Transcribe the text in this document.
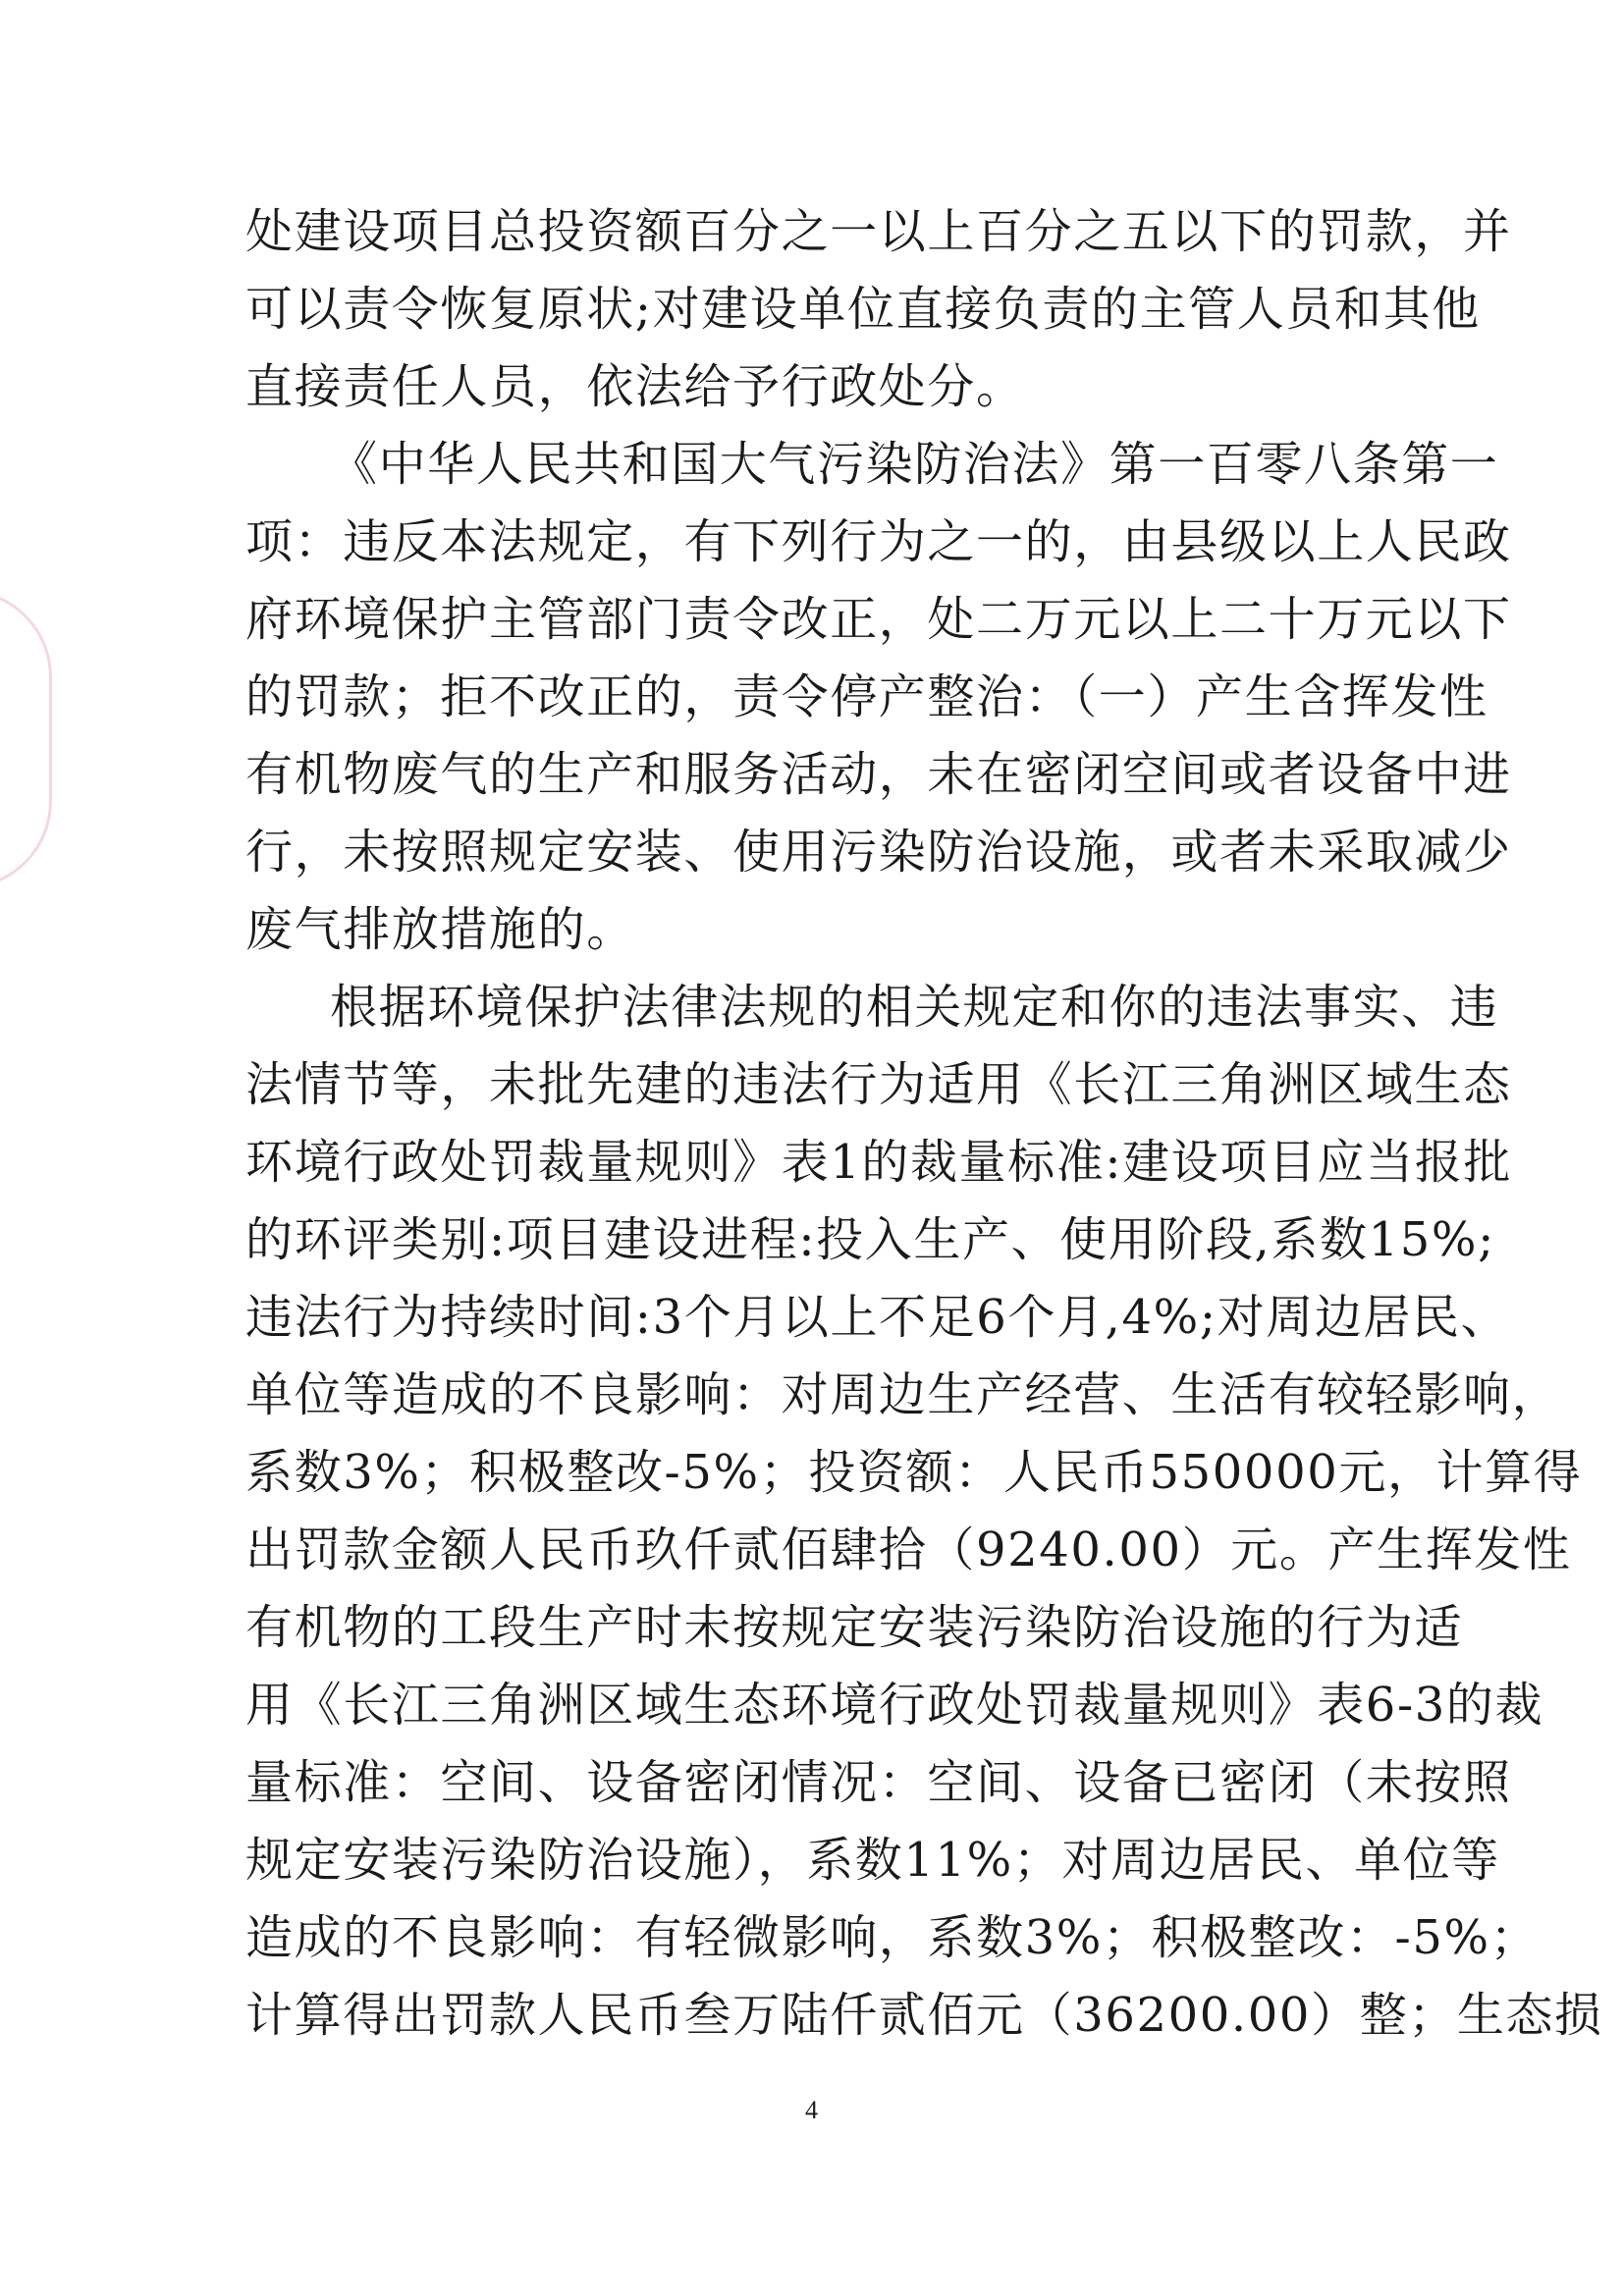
处建设项目总投资额百分之一以上百分之五以下的罚款，并
可以责令恢复原状;对建设单位直接负责的主管人员和其他
直接责任人员，依法给予行政处分。
《中华人民共和国大气污染防治法》第一百零八条第一
项：违反本法规定，有下列行为之一的，由县级以上人民政
府环境保护主管部门责令改正，处二万元以上二十万元以下
的罚款；拒不改正的，责令停产整治：（一）产生含挥发性
有机物废气的生产和服务活动，未在密闭空间或者设备中进
行，未按照规定安装、使用污染防治设施，或者未采取减少
废气排放措施的。
根据环境保护法律法规的相关规定和你的违法事实、违
法情节等，未批先建的违法行为适用《长江三角洲区域生态
环境行政处罚裁量规则》表1的裁量标准:建设项目应当报批
的环评类别:项目建设进程:投入生产、使用阶段,系数15%;
违法行为持续时间:3个月以上不足6个月,4%;对周边居民、
单位等造成的不良影响：对周边生产经营、生活有较轻影响，
系数3%；积极整改-5%；投资额：人民币550000元，计算得
出罚款金额人民币玖仟贰佰肆拾（9240.00）元。产生挥发性
有机物的工段生产时未按规定安装污染防治设施的行为适
用《长江三角洲区域生态环境行政处罚裁量规则》表6-3的裁
量标准：空间、设备密闭情况：空间、设备已密闭（未按照
规定安装污染防治设施），系数11%；对周边居民、单位等
造成的不良影响：有轻微影响，系数3%；积极整改：-5%；
计算得出罚款人民币叁万陆仟贰佰元（36200.00）整；生态损
4
